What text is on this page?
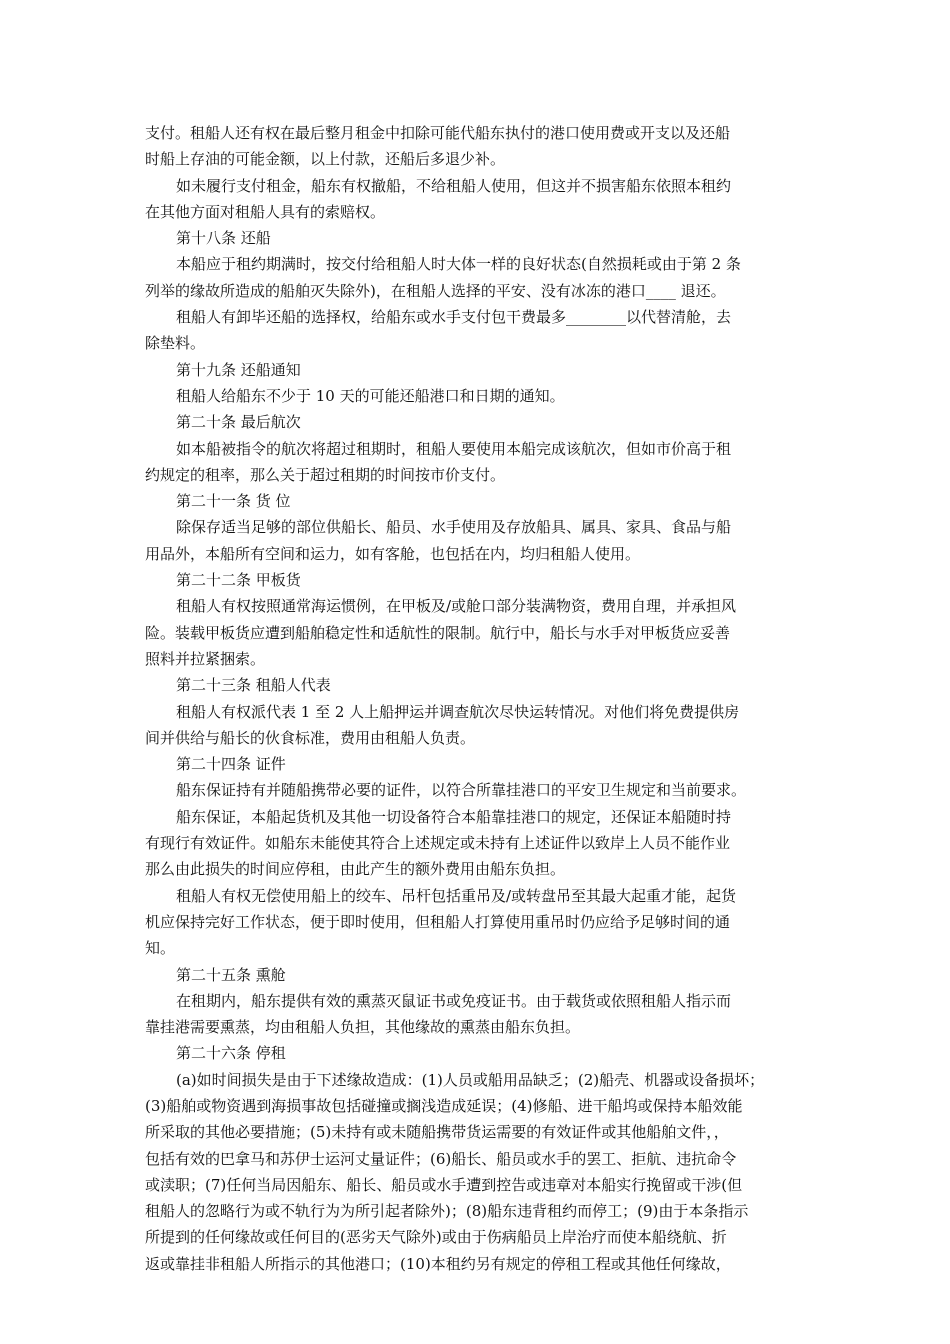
支付。租船人还有权在最后整月租金中扣除可能代船东执付的港口使用费或开支以及还船
时船上存油的可能金额，以上付款，还船后多退少补。
如未履行支付租金，船东有权撤船，不给租船人使用，但这并不损害船东依照本租约
在其他方面对租船人具有的索赔权。
第十八条 还船
本船应于租约期满时，按交付给租船人时大体一样的良好状态(自然损耗或由于第 2 条
列举的缘故所造成的船舶灭失除外)，在租船人选择的平安、没有冰冻的港口____ 退还。
租船人有卸毕还船的选择权，给船东或水手支付包干费最多________以代替清舱，去
除垫料。
第十九条 还船通知
租船人给船东不少于 10 天的可能还船港口和日期的通知。
第二十条 最后航次
如本船被指令的航次将超过租期时，租船人要使用本船完成该航次，但如市价高于租
约规定的租率，那么关于超过租期的时间按市价支付。
第二十一条 货 位
除保存适当足够的部位供船长、船员、水手使用及存放船具、属具、家具、食品与船
用品外，本船所有空间和运力，如有客舱，也包括在内，均归租船人使用。
第二十二条 甲板货
租船人有权按照通常海运惯例，在甲板及/或舱口部分装满物资，费用自理，并承担风
险。装载甲板货应遭到船舶稳定性和适航性的限制。航行中，船长与水手对甲板货应妥善
照料并拉紧捆索。
第二十三条 租船人代表
租船人有权派代表 1 至 2 人上船押运并调查航次尽快运转情况。对他们将免费提供房
间并供给与船长的伙食标准，费用由租船人负责。
第二十四条 证件
船东保证持有并随船携带必要的证件，以符合所靠挂港口的平安卫生规定和当前要求。
船东保证，本船起货机及其他一切设备符合本船靠挂港口的规定，还保证本船随时持
有现行有效证件。如船东未能使其符合上述规定或未持有上述证件以致岸上人员不能作业
那么由此损失的时间应停租，由此产生的额外费用由船东负担。
租船人有权无偿使用船上的绞车、吊杆包括重吊及/或转盘吊至其最大起重才能，起货
机应保持完好工作状态，便于即时使用，但租船人打算使用重吊时仍应给予足够时间的通
知。
第二十五条 熏舱
在租期内，船东提供有效的熏蒸灭鼠证书或免疫证书。由于载货或依照租船人指示而
靠挂港需要熏蒸，均由租船人负担，其他缘故的熏蒸由船东负担。
第二十六条 停租
(a)如时间损失是由于下述缘故造成：(1)人员或船用品缺乏；(2)船壳、机器或设备损坏；
(3)船舶或物资遇到海损事故包括碰撞或搁浅造成延误；(4)修船、进干船坞或保持本船效能
所采取的其他必要措施；(5)未持有或未随船携带货运需要的有效证件或其他船舶文件，，
包括有效的巴拿马和苏伊士运河丈量证件；(6)船长、船员或水手的罢工、拒航、违抗命令
或渎职；(7)任何当局因船东、船长、船员或水手遭到控告或违章对本船实行挽留或干涉(但
租船人的忽略行为或不轨行为为所引起者除外)；(8)船东违背租约而停工；(9)由于本条指示
所提到的任何缘故或任何目的(恶劣天气除外)或由于伤病船员上岸治疗而使本船绕航、折
返或靠挂非租船人所指示的其他港口；(10)本租约另有规定的停租工程或其他任何缘故，
